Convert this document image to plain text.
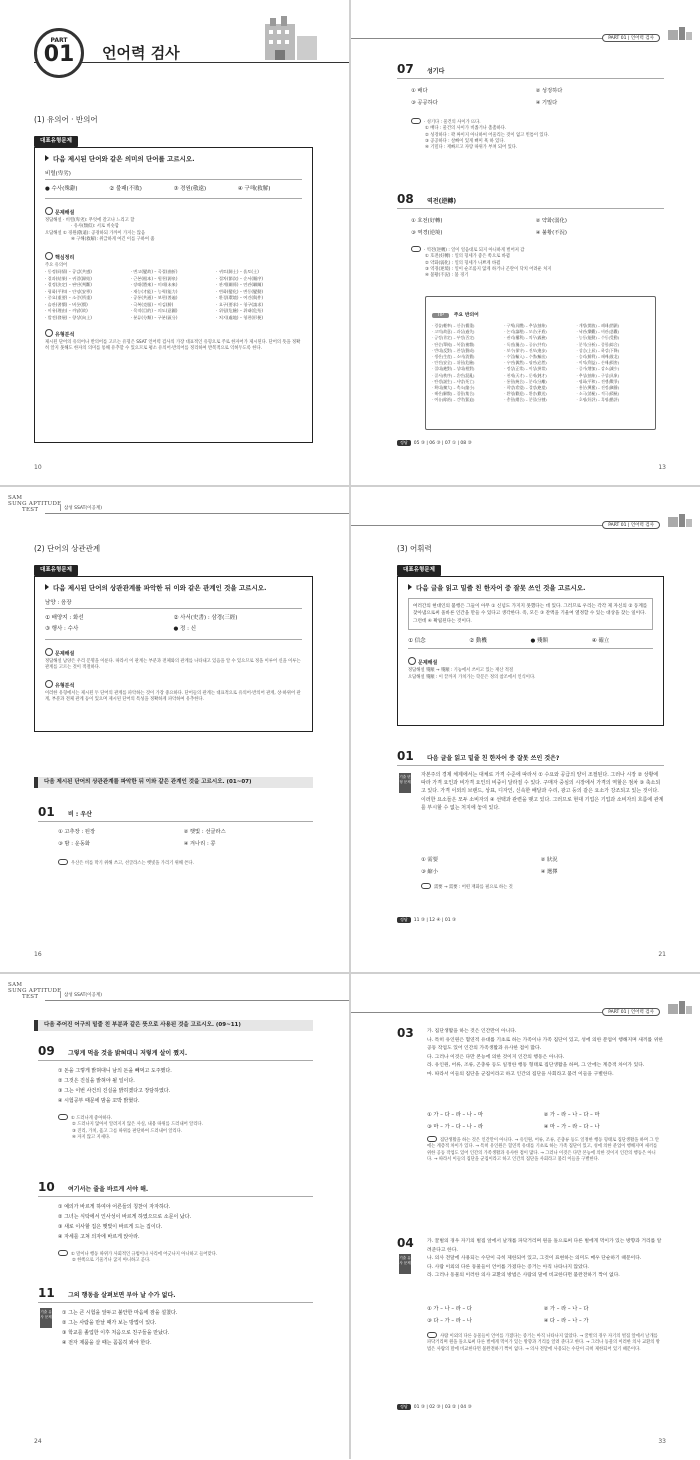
PART
01	언어력 검사
(1) 유의어 · 반의어
대표유형문제
다음 제시된 단어와 같은 의미의 단어를 고르시오.
비렬(卑劣)
● 수사(殊辭)	② 불패(不敗)	③ 경원(敬遠)	④ 구해(救解)
문제해설
정답해설 · 비렬(卑劣): 무엇에 갈고나 느리고 할
· 유사(類似): 서로 비슷함
오답해설 ① 경원(敬遠): 공경하되 가까이 가지는 않음
④ 구해(救解): 위급하게 여긴 이를 구하여 줌
핵심정리
주요 유의어
· 동정(同情) – 공감(共感)	· 변고(變故) – 곡절(曲折)	· 귀토(歸土) – 흙토(土)
· 결과(結果) – 귀결(歸結)	· 근본(根本) – 원천(源泉)	· 절차(節次) – 순서(順序)
· 결정(決定) – 판단(判斷)	· 장래(將來) – 미래(未來)	· 관계(關係) – 연관(聯關)
· 평화(平和) – 안녕(安寧)	· 재능(才能) – 능력(能力)	· 변화(變化) – 변동(變動)
· 중요(重要) – 소중(所重)	· 공통(共通) – 보편(普遍)	· 환경(環境) – 여건(與件)
· 습관(習慣) – 버릇(慣)	· 극복(克服) – 이김(勝)	· 요구(要求) – 청구(請求)
· 이유(理由) – 까닭(故)	· 목적(目的) – 의도(意圖)	· 위험(危險) – 위태(危殆)
· 발전(發展) – 향상(向上)	· 분류(分類) – 구분(區分)	· 처지(處地) – 형편(形便)
유형분석
제시된 단어의 유의어나 반의어를 고르는 유형은 SSAT 언어력 검사의 가장 대표적인 유형으로 주로 한자어가 제시된다. 단어의 뜻을 정확히 알지 못해도 한자의 의미를 통해 유추할 수 있으므로 평소 유의어·반의어를 정리하여 반복적으로 익혀두도록 한다.
10
PART 01 | 언어력 검사
07 성기다
① 배다	② 성겅하다
③ 공공하다	④ 기밀다
· 성기다 : 물건의 사이가 뜨다.
① 배다 : 물건의 사이가 비좁거나 촘촘하다.
② 성겅하다 : 꽉 짜이지 아니하여 어울리는 것이 없고 빈틈이 있다.
③ 공공하다 : 살빠이 있게 뻐미 훅 하 있다.
④ 기밀다 : 재빠르고 자랑 따위가 부쳐 되어 있다.
08 역전(逆轉)
① 호전(好轉)	② 약화(弱化)
③ 역경(逆境)	④ 불황(不況)
· 역전(逆轉) : 일이 얼음대로 되지 아니하게 벌어져 감
① 호전(好轉) : 일의 형세가 좋은 쪽으로 바뀜
② 약화(弱化) : 일의 형세가 나쁘게 바뀜
③ 역경(逆境) : 일이 순조롭지 않게 하거나 곤란이 닥치 어려운 처지
④ 불황(不況) : 불 경기
TIP 주요 반의어
· 경솔(輕率) – 신중(愼重)	· 구체(具體) – 추상(抽象)	· 개방(開放) – 폐쇄(閉鎖)
· 고의(故意) – 과실(過失)	· 논리(論理) – 모순(矛盾)	· 낙관(樂觀) – 비관(悲觀)
· 긍정(肯定) – 부정(否定)	· 권리(權利) – 의무(義務)	· 능동(能動) – 수동(受動)
· 단순(單純) – 복잡(複雜)	· 독점(獨占) – 공유(共有)	· 분석(分析) – 종합(綜合)
· 반대(反對) – 찬성(贊成)	· 보수(保守) – 진보(進步)	· 상승(上昇) – 하강(下降)
· 생산(生産) – 소비(消費)	· 수입(輸入) – 수출(輸出)	· 승리(勝利) – 패배(敗北)
· 안전(安全) – 위험(危險)	· 우연(偶然) – 필연(必然)	· 이익(利益) – 손해(損害)
· 절대(絶對) – 상대(相對)	· 정상(正常) – 이상(異常)	· 증가(增加) – 감소(減少)
· 질서(秩序) – 혼란(混亂)	· 천재(天才) – 둔재(鈍才)	· 추상(抽象) – 구상(具象)
· 탄생(誕生) – 사망(死亡)	· 통합(統合) – 분리(分離)	· 평화(平和) – 전쟁(戰爭)
· 확대(擴大) – 축소(縮小)	· 희망(希望) – 절망(絶望)	· 흥분(興奮) – 진정(鎭靜)
· 해산(解散) – 집합(集合)	· 환영(歡迎) – 환송(歡送)	· 소극(消極) – 적극(積極)
· 여유(餘裕) – 긴박(緊迫)	· 총합(總合) – 분할(分割)	· 호평(好評) – 혹평(酷評)
정답 05 ③ | 06 ③ | 07 ① | 08 ③
13
SAM
SUNG APTITUDE
TEST	삼성 SSAT(이공계)
(2) 단어의 상관관계
대표유형문제
다음 제시된 단어의 상관관계를 파악한 뒤 이와 같은 관계인 것을 고르시오.
남양 : 음장
① 배양지 : 화선	② 사서(史書) : 삼경(三經)
③ 행사 : 수사	● 정 : 신
문제해설
정답해설 남양은 우리 문명을 이룬다. 따라서 이 관계는 부분과 전체와의 관계를 나타내고 있음을 알 수 있으므로 정을 이루어 신을 이루는 관계를 고르는 것이 적절하다.
유형분석
이러한 유형에서는 제시된 두 단어의 관계를 파악하는 것이 가장 중요하다. 단어들의 관계는 대표적으로 유의어·반의어 관계, 상·하위어 관계, 부분과 전체 관계 등이 있으며 제시된 단어의 특성을 정확하게 파악하여 유추한다.
다음 제시된 단어의 상관관계를 파악한 뒤 이와 같은 관계인 것을 고르시오. (01~07)
01 비 : 우산
① 고추장 : 된장	② 햇빛 : 선글라스
③ 밤 : 운동화	④ 겨나리 : 콩
우산은 비를 막기 위해 쓰고, 선글라스는 햇빛을 가리기 위해 쓴다.
16
PART 01 | 언어력 검사
(3) 어휘력
대표유형문제
다음 글을 읽고 밑줄 친 한자어 중 잘못 쓰인 것을 고르시오.
여러간의 현대인의 불행은 그들이 아무 ① 신념도 가지지 못했다는 데 있다. 그러므로 우리는 각각 제 자신의 ② 동계를 찾아냄으로써 올바른 인간을 만들 수 있다고 생각한다. 즉, 모든 ③ 잔액을 기울여 열정할 수 있는 대상을 찾는 일이다. 그런데 ④ 확립된다는 것이다.
① 信念	② 動機	● 殘額	④ 確立
문제해설
정답해설 殘額 → 殘額 : 기능에서 쓰이고 있는 재산 적절
오답해설 殘額 : 이 끝까지 가치가는 학문은 정의 참조에서 인식이다.
01 다음 글을 읽고 밑줄 친 한자어 중 잘못 쓰인 것은?
기출 변형 문제
자본주의 경제 체제에서는 대체로 가격 수준에 따라서 ① 수요와 공급의 양이 조절된다. 그러나 시장 ② 상황에 따라 가격 요인과 비가격 요인의 비중이 달라질 수 있다. 구매자 중심의 시장에서 가격의 역할은 점차 ③ 축소되고 있다. 가격 이외의 브랜드, 상표, 디자인, 신속한 배달과 수리, 광고 등의 같은 요소가 강조되고 있는 것이다. 이러한 요소들은 모두 소비자의 ④ 선택과 관련을 맺고 있다. 그러므로 현대 기업은 기업과 소비자의 흐름에 관계를 부시할 수 없는 처지에 놓여 있다.
① 需要	② 狀況
③ 縮小	④ 選擇
需要 → 需要 : 어떤 재화를 필요로 하는 것
정답 11 ③ | 12 ④ | 01 ③
21
SAM
SUNG APTITUDE
TEST	삼성 SSAT(이공계)
다음 주어진 어구의 밑줄 친 부분과 같은 뜻으로 사용된 것을 고르시오. (09~11)
09 그렇게 먹을 것을 밝혀대니 저렇게 살이 쪘지.
① 돈을 그렇게 밝혀대니 남의 돈을 빼먹고 도주했다.
② 그것은 진실을 밝혀야 될 일이다.
③ 그는 이번 사건의 진실을 밝히겠다고 장담하였다.
④ 시험공부 때문에 밤을 꼬박 밝혔다.
① 드러나게 좋아하다.
② 드러나지 않아서 알려지지 않은 사실, 내용 따위를 드러내어 알리다.
③ 진리, 가치, 옳고 그름 따위를 판단하여 드러내어 알리다.
④ 자지 않고 지새다.
10 여기서는 줄을 바르게 서야 해.
① 예의가 바르게 하여야 어른들의 칭찬이 자자하다.
② 그녀는 식탁에서 인사성이 바르게 하였으므로 소문이 났다.
③ 새로 이사할 집은 햇빛이 바르게 드는 집이다.
④ 자세를 고쳐 의자에 바르게 앉아라.
① 말이나 행동 따위가 사회적인 규범이나 사리에 어긋나지 아니하고 들어맞다.
② 한쪽으로 기울거나 굽지 아니하고 곧다.
11 그의 행동을 살펴보면 부아 날 수가 없다.
기출 유사 문제
① 그는 큰 시험을 앞두고 불안한 마음에 잠을 설쳤다.
② 그는 사람을 만날 때가 보는 방법이 있다.
③ 학교를 졸업한 이후 처음으로 친구들을 만났다.
④ 전자 제품을 살 때는 꼼꼼히 봐야 한다.
24
PART 01 | 언어력 검사
03	가. 집단생활을 하는 것은 인간만이 아니다.
나. 특히 유인원은 혈연적 유대를 기초로 하는 가족이나 가족 집단이 있고, 성에 의한 분업이 행해지며 새끼를 위한 공동 작업도 있어 인간의 가족생활과 유사한 점이 많다.
다. 그러나 이것은 다만 본능에 의한 것이지 인간의 행동은 아니다.
라. 유인원, 어류, 조류, 곤충류 등도 일정한 행동 형태로 집단생활을 하며, 그 안에는 계층적 차이가 있다.
마. 따라서 이들의 집단을 군집이라고 하고 인간의 집단을 사회라고 불러 이들을 구별한다.
① 가 – 다 – 라 – 나 – 마	② 가 – 라 – 나 – 다 – 마
③ 마 – 가 – 다 – 나 – 라	④ 마 – 가 – 라 – 다 – 나
집단생활을 하는 것은 인간만이 아니다. → 유인원, 어류, 조류, 곤충류 등도 일정한 행동 형태로 집단생활을 하며 그 안에는 계층적 차이가 있다. → 특히 유인원은 혈연적 유대를 기초로 하는 가족 집단이 있고, 성에 의한 분업이 행해지며 새끼를 위한 공동 작업도 있어 인간의 가족생활과 유사한 점이 많다. → 그러나 이것은 다만 본능에 의한 것이지 인간의 행동은 아니다. → 따라서 이들의 집단을 군집이라고 하고 인간의 집단을 사회라고 불러 이들을 구별한다.
04
기출 유사 문제
가. 꿀벌의 경우 자기의 벌집 앞에서 날개를 파닥거리며 원을 돌으로써 다른 벌에게 먹이가 있는 방향과 거리를 알려준다고 한다.
나. 의사 전달에 사용되는 수단이 극히 제한되어 있고, 그것이 표현하는 의미도 매우 단순하기 때문이다.
다. 사람 이외의 다른 동물들이 언어를 가졌다는 증거는 아직 나타나지 않았다.
라. 그러나 동물의 이러한 의사 교환의 방법은 사람의 말에 비교한다면 불완전하기 짝이 없다.
① 가 – 나 – 라 – 다	② 가 – 라 – 나 – 다
③ 다 – 가 – 라 – 나	④ 다 – 라 – 나 – 가
사람 이외의 다른 동물들이 언어를 가졌다는 증거는 아직 나타나지 않았다. → 꿀벌의 경우 자기의 벌집 앞에서 날개를 파닥거리며 원을 돌으로써 다른 벌에게 먹이가 있는 방향과 거리를 알려 준다고 한다. → 그러나 동물의 이러한 의사 교환의 방법은 사람의 말에 비교한다면 불완전하기 짝이 없다. → 의사 전달에 사용되는 수단이 극히 제한되어 있기 때문이다.
정답 01 ③ | 02 ③ | 03 ② | 04 ③
33
